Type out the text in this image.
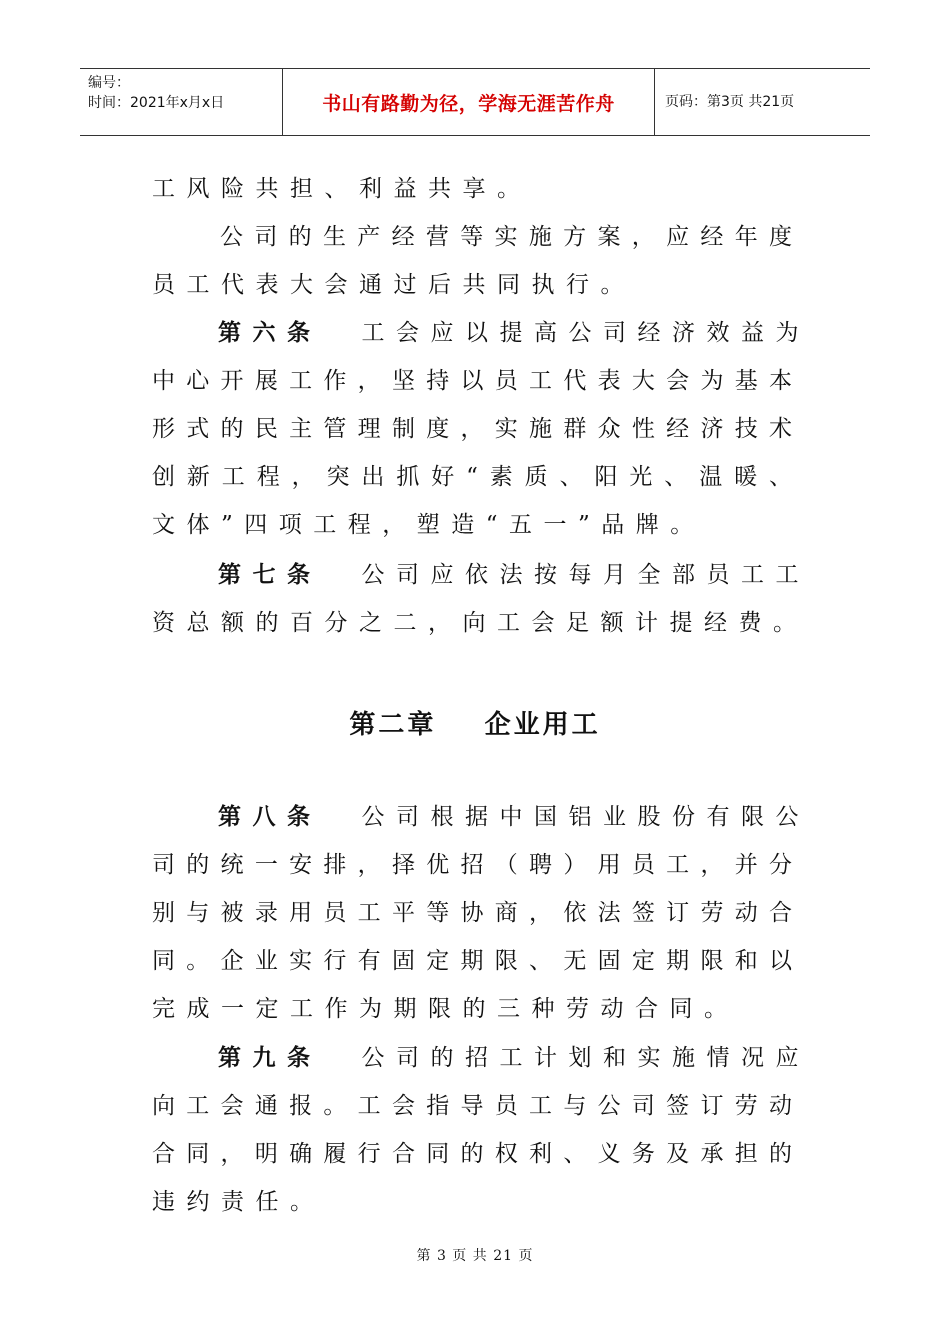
编号：
时间：2021年x月x日	书山有路勤为径，学海无涯苦作舟	页码：第3页 共21页
工风险共担、利益共享。
公司的生产经营等实施方案，应经年度
员工代表大会通过后共同执行。
第六条 工会应以提高公司经济效益为
中心开展工作，坚持以员工代表大会为基本
形式的民主管理制度，实施群众性经济技术
创新工程，突出抓好“素质、阳光、温暖、
文体”四项工程，塑造“五一”品牌。
第七条 公司应依法按每月全部员工工
资总额的百分之二，向工会足额计提经费。
第二章    企业用工
第八条 公司根据中国铝业股份有限公
司的统一安排，择优招（聘）用员工，并分
别与被录用员工平等协商，依法签订劳动合
同。企业实行有固定期限、无固定期限和以
完成一定工作为期限的三种劳动合同。
第九条 公司的招工计划和实施情况应
向工会通报。工会指导员工与公司签订劳动
合同，明确履行合同的权利、义务及承担的
违约责任。
第 3 页 共 21 页
